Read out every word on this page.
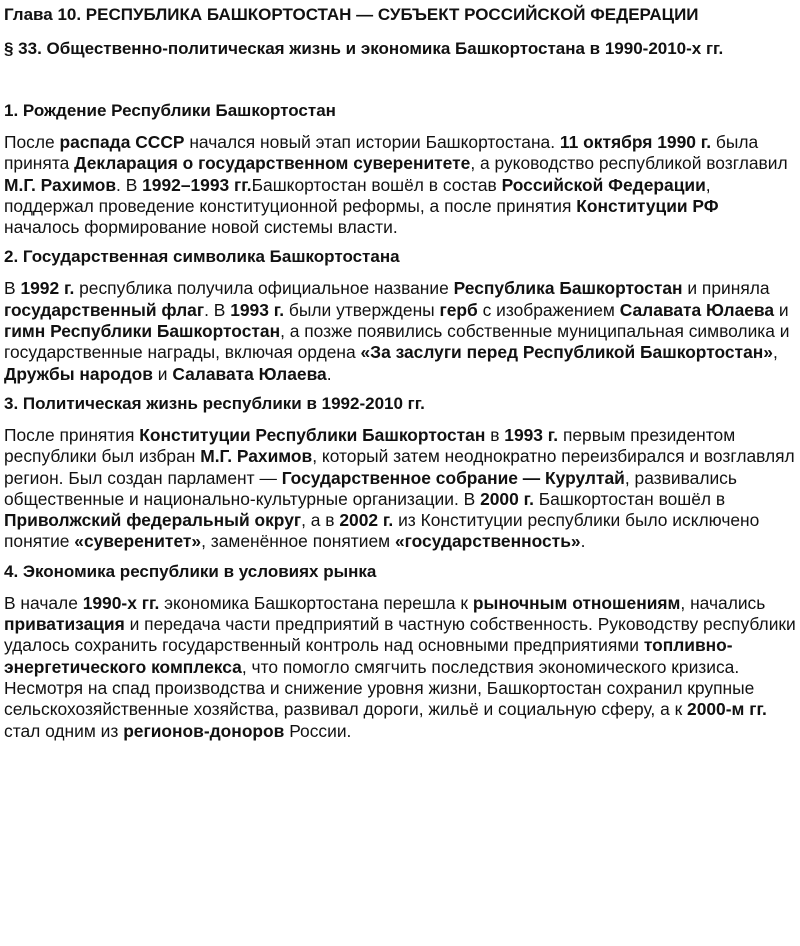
Глава 10. РЕСПУБЛИКА БАШКОРТОСТАН — СУБЪЕКТ РОССИЙСКОЙ ФЕДЕРАЦИИ
§ 33. Общественно-политическая жизнь и экономика Башкортостана в 1990-2010-х гг.
1. Рождение Республики Башкортостан

После распада СССР начался новый этап истории Башкортостана. 11 октября 1990 г. была принята Декларация о государственном суверенитете, а руководство республикой возглавил М.Г. Рахимов. В 1992–1993 гг.Башкортостан вошёл в состав Российской Федерации, поддержал проведение конституционной реформы, а после принятия Конституции РФ началось формирование новой системы власти.

2. Государственная символика Башкортостана

В 1992 г. республика получила официальное название Республика Башкортостан и приняла государственный флаг. В 1993 г. были утверждены герб с изображением Салавата Юлаева и гимн Республики Башкортостан, а позже появились собственные муниципальная символика и государственные награды, включая ордена «За заслуги перед Республикой Башкортостан», Дружбы народов и Салавата Юлаева.

3. Политическая жизнь республики в 1992-2010 гг.

После принятия Конституции Республики Башкортостан в 1993 г. первым президентом республики был избран М.Г. Рахимов, который затем неоднократно переизбирался и возглавлял регион. Был создан парламент — Государственное собрание — Курултай, развивались общественные и национально-культурные организации. В 2000 г. Башкортостан вошёл в Приволжский федеральный округ, а в 2002 г. из Конституции республики было исключено понятие «суверенитет», заменённое понятием «государственность».

4. Экономика республики в условиях рынка

В начале 1990-х гг. экономика Башкортостана перешла к рыночным отношениям, начались приватизация и передача части предприятий в частную собственность. Руководству республики удалось сохранить государственный контроль над основными предприятиями топливно-энергетического комплекса, что помогло смягчить последствия экономического кризиса. Несмотря на спад производства и снижение уровня жизни, Башкортостан сохранил крупные сельскохозяйственные хозяйства, развивал дороги, жильё и социальную сферу, а к 2000-м гг. стал одним из регионов-доноров России.
